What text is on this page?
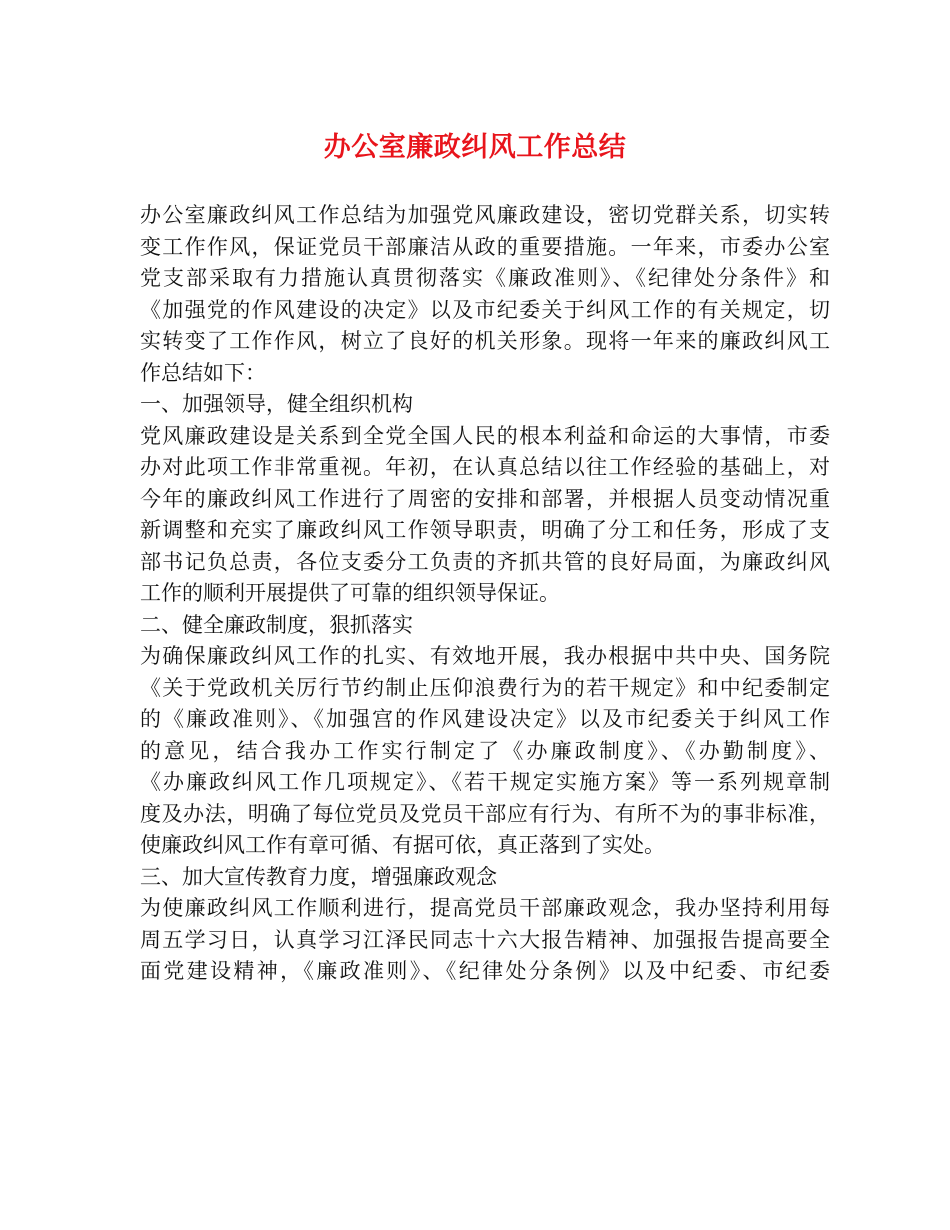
办公室廉政纠风工作总结
办公室廉政纠风工作总结为加强党风廉政建设，密切党群关系，切实转
变工作作风，保证党员干部廉洁从政的重要措施。一年来，市委办公室
党支部采取有力措施认真贯彻落实《廉政准则》、《纪律处分条件》和
《加强党的作风建设的决定》以及市纪委关于纠风工作的有关规定，切
实转变了工作作风，树立了良好的机关形象。现将一年来的廉政纠风工
作总结如下：
一、加强领导，健全组织机构
党风廉政建设是关系到全党全国人民的根本利益和命运的大事情，市委
办对此项工作非常重视。年初，在认真总结以往工作经验的基础上，对
今年的廉政纠风工作进行了周密的安排和部署，并根据人员变动情况重
新调整和充实了廉政纠风工作领导职责，明确了分工和任务，形成了支
部书记负总责，各位支委分工负责的齐抓共管的良好局面，为廉政纠风
工作的顺利开展提供了可靠的组织领导保证。
二、健全廉政制度，狠抓落实
为确保廉政纠风工作的扎实、有效地开展，我办根据中共中央、国务院
《关于党政机关厉行节约制止压仰浪费行为的若干规定》和中纪委制定
的《廉政准则》、《加强宫的作风建设决定》以及市纪委关于纠风工作
的意见，结合我办工作实行制定了《办廉政制度》、《办勤制度》、
《办廉政纠风工作几项规定》、《若干规定实施方案》等一系列规章制
度及办法，明确了每位党员及党员干部应有行为、有所不为的事非标准，
使廉政纠风工作有章可循、有据可依，真正落到了实处。
三、加大宣传教育力度，增强廉政观念
为使廉政纠风工作顺利进行，提高党员干部廉政观念，我办坚持利用每
周五学习日，认真学习江泽民同志十六大报告精神、加强报告提高要全
面党建设精神，《廉政准则》、《纪律处分条例》以及中纪委、市纪委
